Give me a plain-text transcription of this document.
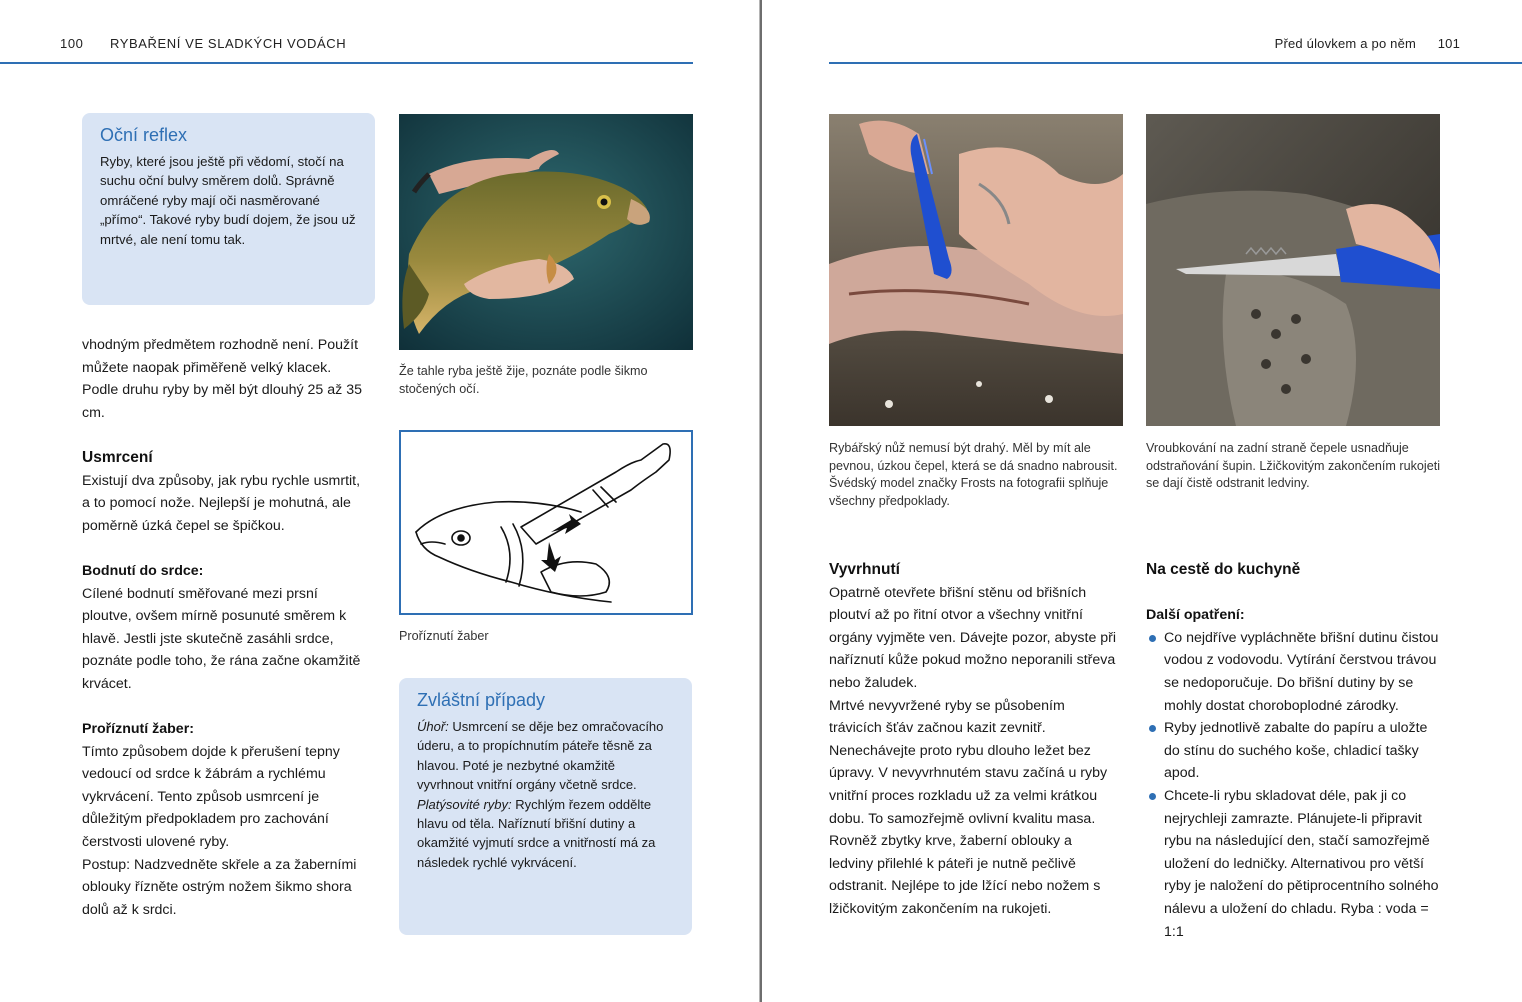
100 RYBAŘENÍ VE SLADKÝCH VODÁCH
Oční reflex
Ryby, které jsou ještě při vědomí, stočí na suchu oční bulvy směrem dolů. Správně omráčené ryby mají oči nasměrované „přímo“. Takové ryby budí dojem, že jsou už mrtvé, ale není tomu tak.
Že tahle ryba ještě žije, poznáte podle šikmo stočených očí.
Proříznutí žaber
Zvláštní případy
Úhoř: Usmrcení se děje bez omračovacího úderu, a to propíchnutím páteře těsně za hlavou. Poté je nezbytné okamžitě vyvrhnout vnitřní orgány včetně srdce.
Platýsovité ryby: Rychlým řezem oddělte hlavu od těla. Naříznutí břišní dutiny a okamžité vyjmutí srdce a vnitřností má za následek rychlé vykrvácení.

vhodným předmětem rozhodně není. Použít můžete naopak přiměřeně velký klacek. Podle druhu ryby by měl být dlouhý 25 až 35 cm.

Usmrcení

Existují dva způsoby, jak rybu rychle usmrtit, a to pomocí nože. Nejlepší je mohutná, ale poměrně úzká čepel se špičkou.

Bodnutí do srdce:

Cílené bodnutí směřované mezi prsní ploutve, ovšem mírně posunuté směrem k hlavě. Jestli jste skutečně zasáhli srdce, poznáte podle toho, že rána začne okamžitě krvácet.

Proříznutí žaber:

Tímto způsobem dojde k přerušení tepny vedoucí od srdce k žábrám a rychlému vykrvácení. Tento způsob usmrcení je důležitým předpokladem pro zachování čerstvosti ulovené ryby.

Postup: Nadzvedněte skřele a za žaberními oblouky řízněte ostrým nožem šikmo shora dolů až k srdci.

Před úlovkem a po něm 101
Rybářský nůž nemusí být drahý. Měl by mít ale pevnou, úzkou čepel, která se dá snadno nabrousit. Švédský model značky Frosts na fotografii splňuje všechny předpoklady.
Vroubkování na zadní straně čepele usnadňuje odstraňování šupin. Lžičkovitým zakončením rukojeti se dají čistě odstranit ledviny.
Vyvrhnutí

Opatrně otevřete břišní stěnu od břišních ploutví až po řitní otvor a všechny vnitřní orgány vyjměte ven. Dávejte pozor, abyste při naříznutí kůže pokud možno neporanili střeva nebo žaludek.

Mrtvé nevyvržené ryby se působením trávicích šťáv začnou kazit zevnitř. Nenechávejte proto rybu dlouho ležet bez úpravy. V nevyvrhnutém stavu začíná u ryby vnitřní proces rozkladu už za velmi krátkou dobu. To samozřejmě ovlivní kvalitu masa. Rovněž zbytky krve, žaberní oblouky a ledviny přilehlé k páteři je nutně pečlivě odstranit. Nejlépe to jde lžící nebo nožem s lžičkovitým zakončením na rukojeti.

Na cestě do kuchyně
Další opatření:
Co nejdříve vypláchněte břišní dutinu čistou vodou z vodovodu. Vytírání čerstvou trávou se nedoporučuje. Do břišní dutiny by se mohly dostat choroboplodné zárodky.
Ryby jednotlivě zabalte do papíru a uložte do stínu do suchého koše, chladicí tašky apod.
Chcete-li rybu skladovat déle, pak ji co nejrychleji zamrazte. Plánujete-li připravit rybu na následující den, stačí samozřejmě uložení do ledničky. Alternativou pro větší ryby je naložení do pětiprocentního solného nálevu a uložení do chladu. Ryba : voda = 1:1
